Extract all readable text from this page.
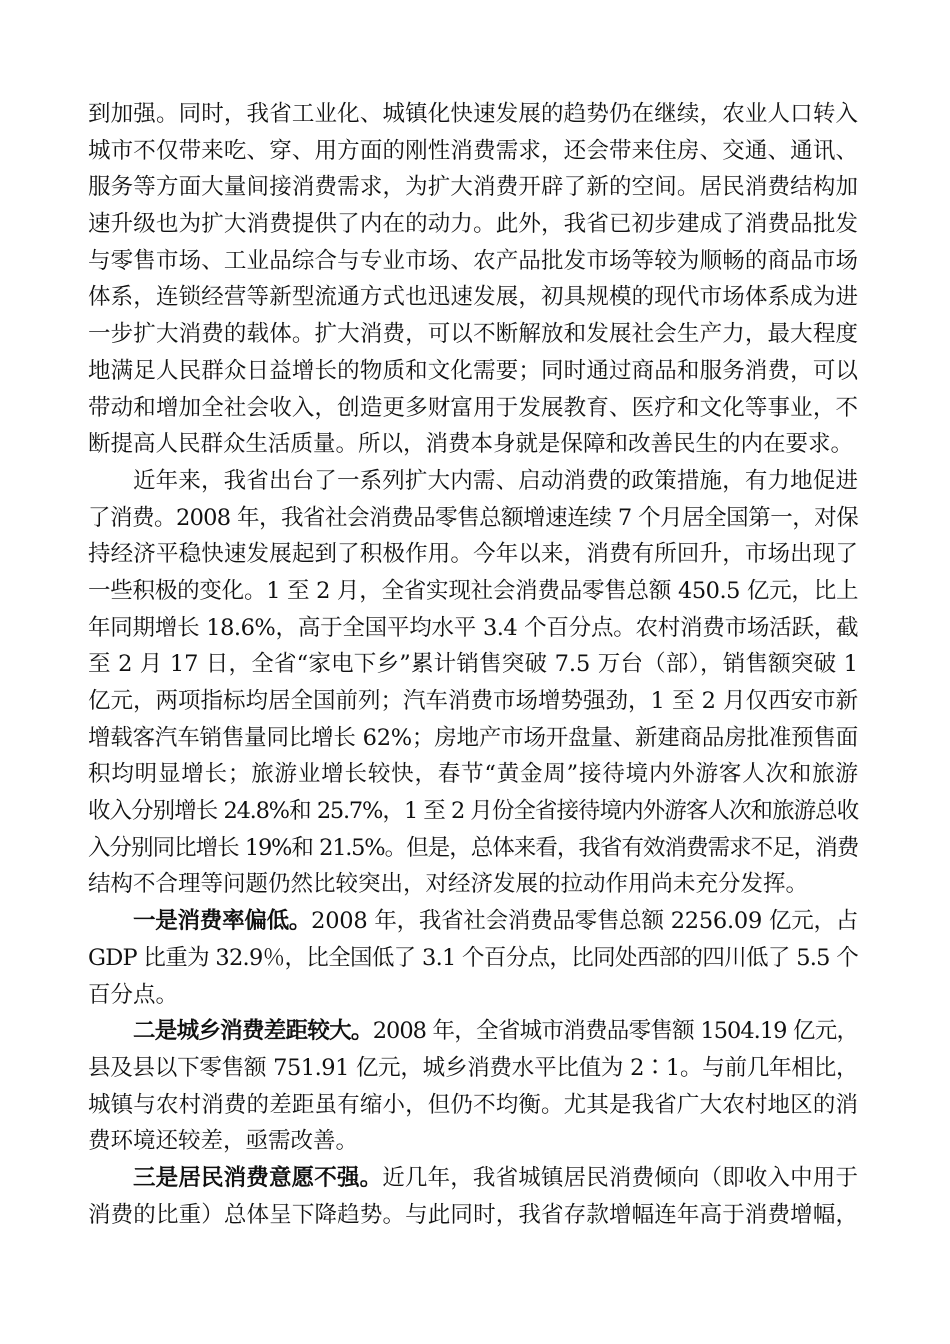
到加强。同时，我省工业化、城镇化快速发展的趋势仍在继续，农业人口转入
城市不仅带来吃、穿、用方面的刚性消费需求，还会带来住房、交通、通讯、
服务等方面大量间接消费需求，为扩大消费开辟了新的空间。居民消费结构加
速升级也为扩大消费提供了内在的动力。此外，我省已初步建成了消费品批发
与零售市场、工业品综合与专业市场、农产品批发市场等较为顺畅的商品市场
体系，连锁经营等新型流通方式也迅速发展，初具规模的现代市场体系成为进
一步扩大消费的载体。扩大消费，可以不断解放和发展社会生产力，最大程度
地满足人民群众日益增长的物质和文化需要；同时通过商品和服务消费，可以
带动和增加全社会收入，创造更多财富用于发展教育、医疗和文化等事业，不
断提高人民群众生活质量。所以，消费本身就是保障和改善民生的内在要求。
近年来，我省出台了一系列扩大内需、启动消费的政策措施，有力地促进
了消费。2008 年，我省社会消费品零售总额增速连续 7 个月居全国第一，对保
持经济平稳快速发展起到了积极作用。今年以来，消费有所回升，市场出现了
一些积极的变化。1 至 2 月，全省实现社会消费品零售总额 450.5 亿元，比上
年同期增长 18.6%，高于全国平均水平 3.4 个百分点。农村消费市场活跃，截
至 2 月 17 日，全省“家电下乡”累计销售突破 7.5 万台（部），销售额突破 1
亿元，两项指标均居全国前列；汽车消费市场增势强劲，1 至 2 月仅西安市新
增载客汽车销售量同比增长 62%；房地产市场开盘量、新建商品房批准预售面
积均明显增长；旅游业增长较快，春节“黄金周”接待境内外游客人次和旅游
收入分别增长 24.8%和 25.7%，1 至 2 月份全省接待境内外游客人次和旅游总收
入分别同比增长 19%和 21.5%。但是，总体来看，我省有效消费需求不足，消费
结构不合理等问题仍然比较突出，对经济发展的拉动作用尚未充分发挥。
一是消费率偏低。2008 年，我省社会消费品零售总额 2256.09 亿元，占
GDP 比重为 32.9％，比全国低了 3.1 个百分点，比同处西部的四川低了 5.5 个
百分点。
二是城乡消费差距较大。2008 年，全省城市消费品零售额 1504.19 亿元，
县及县以下零售额 751.91 亿元，城乡消费水平比值为 2∶1。与前几年相比，
城镇与农村消费的差距虽有缩小，但仍不均衡。尤其是我省广大农村地区的消
费环境还较差，亟需改善。
三是居民消费意愿不强。近几年，我省城镇居民消费倾向（即收入中用于
消费的比重）总体呈下降趋势。与此同时，我省存款增幅连年高于消费增幅，
